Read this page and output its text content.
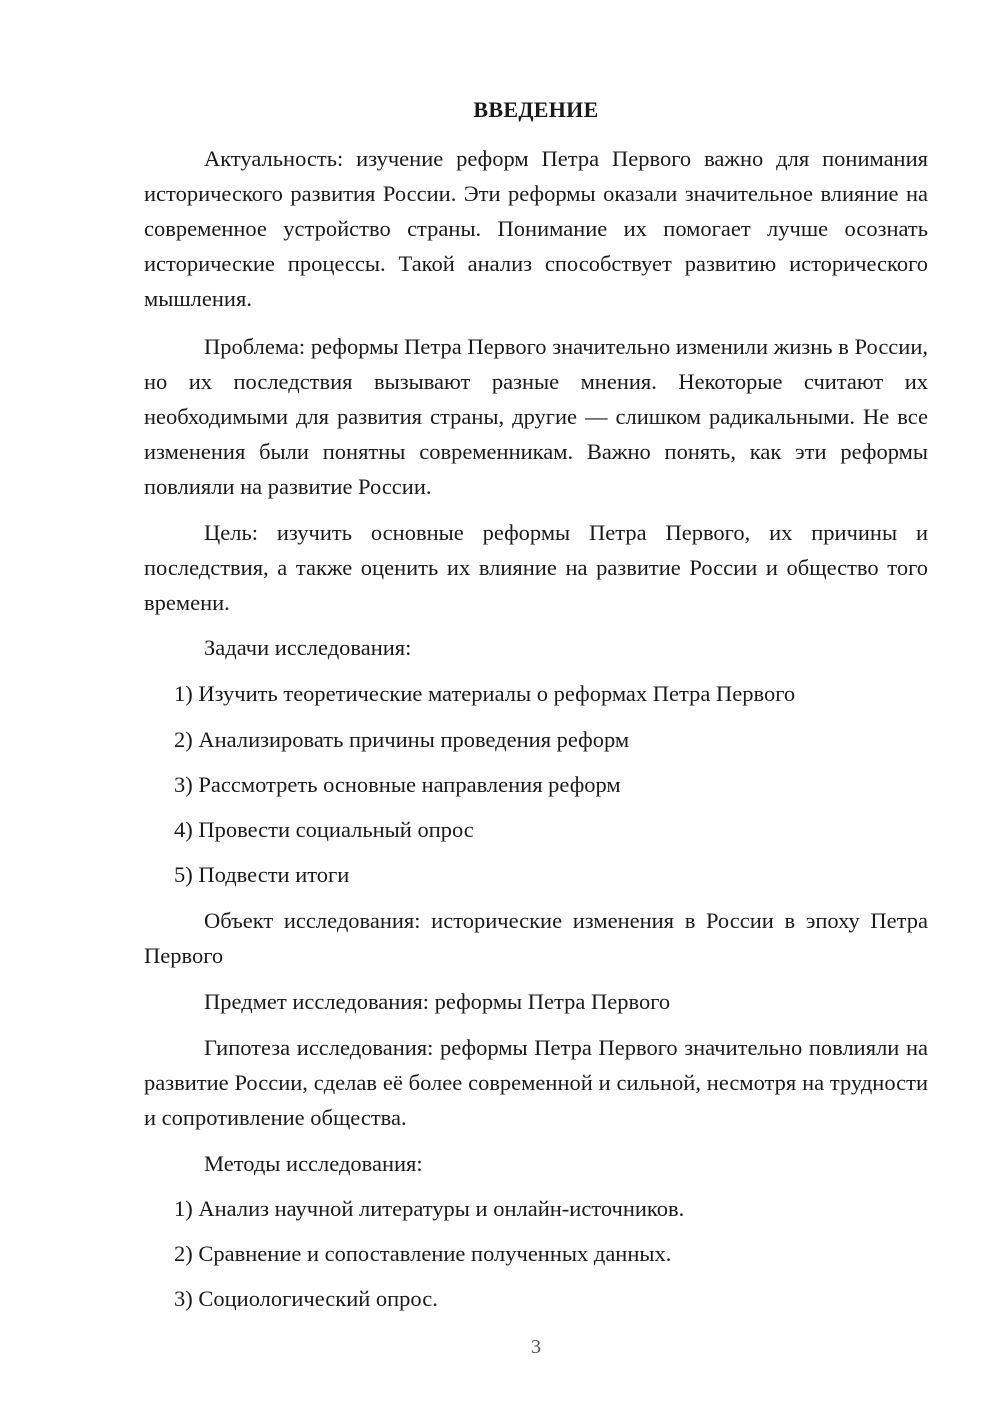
ВВЕДЕНИЕ

Актуальность: изучение реформ Петра Первого важно для понимания исторического развития России. Эти реформы оказали значительное влияние на современное устройство страны. Понимание их помогает лучше осознать исторические процессы. Такой анализ способствует развитию исторического мышления.

Проблема: реформы Петра Первого значительно изменили жизнь в России, но их последствия вызывают разные мнения. Некоторые считают их необходимыми для развития страны, другие — слишком радикальными. Не все изменения были понятны современникам. Важно понять, как эти реформы повлияли на развитие России.

Цель: изучить основные реформы Петра Первого, их причины и последствия, а также оценить их влияние на развитие России и общество того времени.

Задачи исследования:

1) Изучить теоретические материалы о реформах Петра Первого

2) Анализировать причины проведения реформ

3) Рассмотреть основные направления реформ

4) Провести социальный опрос

5) Подвести итоги

Объект исследования: исторические изменения в России в эпоху Петра Первого

Предмет исследования: реформы Петра Первого

Гипотеза исследования: реформы Петра Первого значительно повлияли на развитие России, сделав её более современной и сильной, несмотря на трудности и сопротивление общества.

Методы исследования:

1) Анализ научной литературы и онлайн-источников.

2) Сравнение и сопоставление полученных данных.

3) Социологический опрос.

3
